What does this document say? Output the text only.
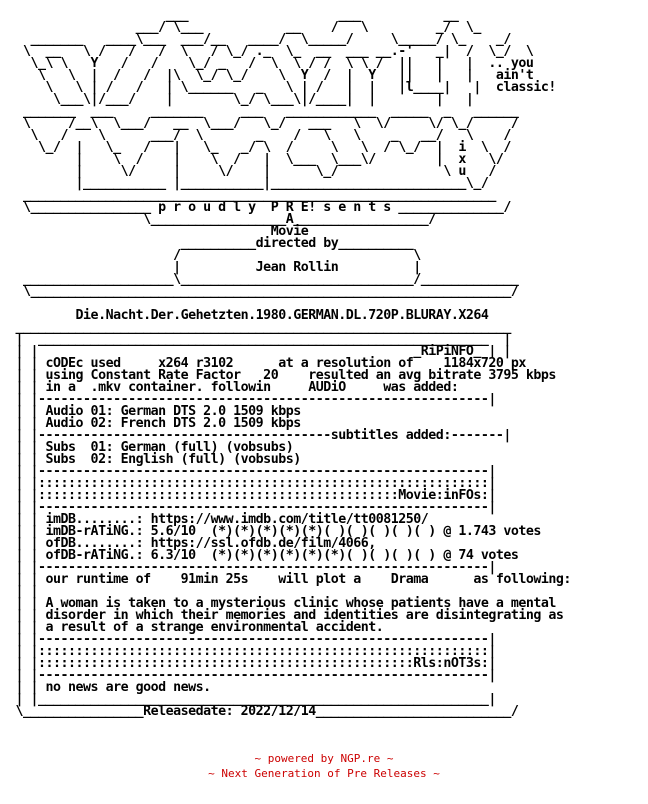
___                    ___           __
___/ \___           __    /   \         _/  \_
_______   ____\___  ___/__   ____/  \_____/     \_____/ \_    _/
\  __   \ /   /   /  \   / \_/ ._  \_  __  ___ __.-'   _|  /  \_/  \
\_\ \   Y   /   /    \_/ _   /  \  \ / /  \ \ /  ||   |   |  .. you
\   \  |  /   /  |\  \_/ \_/    \  Y  /  |  Y   ||   |   |   ain't
\   \ | /   /   | \______   _   \ | /   |  |   |l____|   |  classic!
\___\|/___/    |        \_/ \___\|/____|  |        |   |
_______  ___     _______     ___   ____________  _____  _   ______
\     /__\  \___/   __  \___/   \_/   ___   \  \/     \/ \_/     /
\   /    \      ___/  \       _    /   \   \    _   __/   \    /
\_/  |   \_   /   |   \_   _/ \  /     \   \  / \_/  |  i  \  /
|    \  /    |    \  /   |  \___  \___\/        |  x   \/
|     \/     |     \/    |      \_/              \ u   /
|___________ |___________|__________________________\_/
_______________________________________________________________
\________________ p r o u d l y  P R E! s e n t s ______________/
\__________________A__________________/
Movie
__________directed by__________
/                               \
|          Jean Rollin          |
____________________\_______________________________/_____________
\________________________________________________________________/

Die.Nacht.Der.Gehetzten.1980.GERMAN.DL.720P.BLURAY.X264
__________________________________________________________________
|  ____________________________________________________________  |
| |                                                  _RiPiNFO_ | |
| | cODEc used     x264 r3102      at a resolution of    1184x720 px
| | using Constant Rate Factor   20    resulted an avg bitrate 3795 kbps
| | in a  .mkv container. followin     AUDiO     was added:
| |------------------------------------------------------------|
| | Audio 01: German DTS 2.0 1509 kbps
| | Audio 02: French DTS 2.0 1509 kbps
| |---------------------------------------subtitles added:-------|
| | Subs  01: German (full) (vobsubs)
| | Subs  02: English (full) (vobsubs)
| |------------------------------------------------------------|
| |::::::::::::::::::::::::::::::::::::::::::::::::::::::::::::|
| |::::::::::::::::::::::::::::::::::::::::::::::::Movie:inFOs:|
| |------------------------------------------------------------|
| | imDB........: https://www.imdb.com/title/tt0081250/
| | imDB-rATiNG.: 5.6/10  (*)(*)(*)(*)(*)( )( )( )( )( ) @ 1.743 votes
| | ofDB........: https://ssl.ofdb.de/film/4066,
| | ofDB-rATiNG.: 6.3/10  (*)(*)(*)(*)(*)(*)( )( )( )( ) @ 74 votes
| |------------------------------------------------------------|
| | our runtime of    91min 25s    will plot a    Drama      as following:
| |
| | A woman is taken to a mysterious clinic whose patients have a mental
| | disorder in which their memories and identities are disintegrating as
| | a result of a strange environmental accident.
| |------------------------------------------------------------|
| |::::::::::::::::::::::::::::::::::::::::::::::::::::::::::::|
| |::::::::::::::::::::::::::::::::::::::::::::::::::Rls:nOT3s:|
| |------------------------------------------------------------|
| | no news are good news.
| |____________________________________________________________|
\________________Releasedate: 2022/12/14__________________________/
~ powered by NGP.re ~
~ Next Generation of Pre Releases ~
